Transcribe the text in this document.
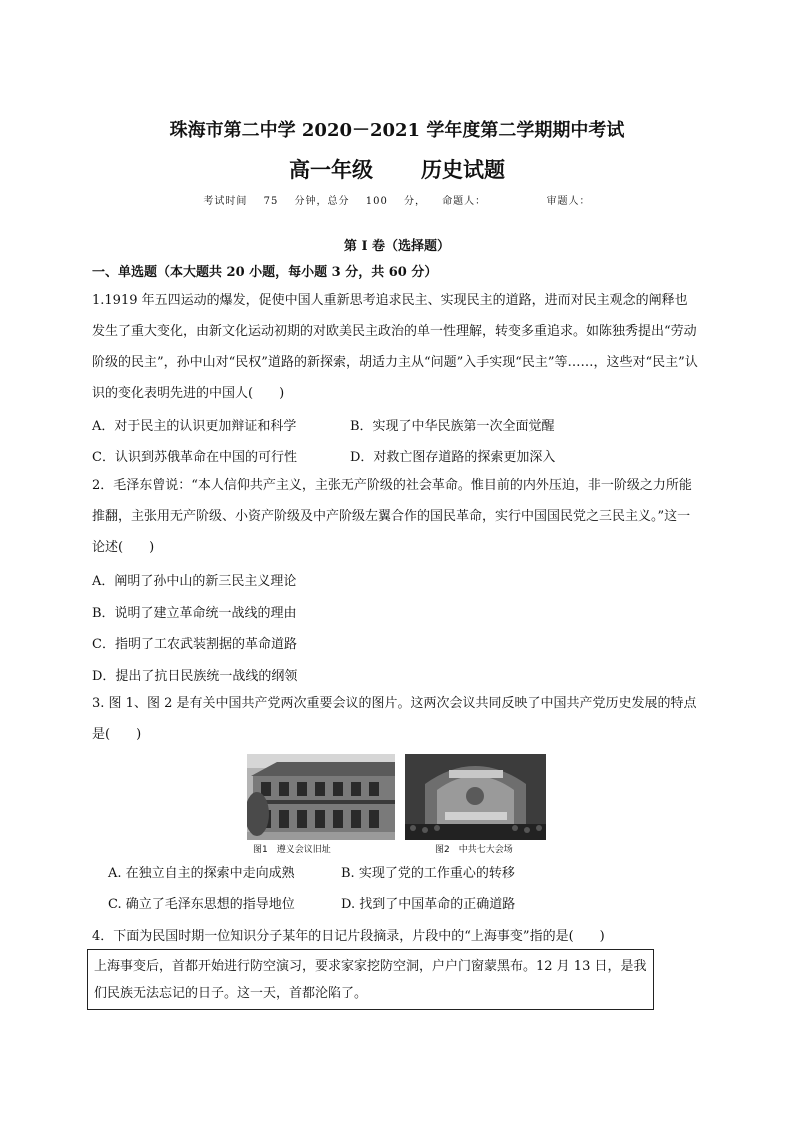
珠海市第二中学 2020－2021 学年度第二学期期中考试
高一年级 历史试题
考试时间 75 分钟，总分 100 分， 命题人：	审题人：
第 I 卷（选择题）
一、单选题（本大题共 20 小题，每小题 3 分，共 60 分）
1.1919 年五四运动的爆发，促使中国人重新思考追求民主、实现民主的道路，进而对民主观念的阐释也发生了重大变化，由新文化运动初期的对欧美民主政治的单一性理解，转变多重追求。如陈独秀提出“劳动阶级的民主”，孙中山对“民权”道路的新探索，胡适力主从“问题”入手实现“民主”等……，这些对“民主”认识的变化表明先进的中国人(　　)
A．对于民主的认识更加辩证和科学	B．实现了中华民族第一次全面觉醒
C．认识到苏俄革命在中国的可行性	D．对救亡图存道路的探索更加深入
2．毛泽东曾说：“本人信仰共产主义，主张无产阶级的社会革命。惟目前的内外压迫，非一阶级之力所能推翻，主张用无产阶级、小资产阶级及中产阶级左翼合作的国民革命，实行中国国民党之三民主义。”这一论述(　　)
A．阐明了孙中山的新三民主义理论
B．说明了建立革命统一战线的理由
C．指明了工农武装割据的革命道路
D．提出了抗日民族统一战线的纲领
3. 图 1、图 2 是有关中国共产党两次重要会议的图片。这两次会议共同反映了中国共产党历史发展的特点是(　　)
图1　遵义会议旧址	图2　中共七大会场
A. 在独立自主的探索中走向成熟	B. 实现了党的工作重心的转移
C. 确立了毛泽东思想的指导地位	D. 找到了中国革命的正确道路
4．下面为民国时期一位知识分子某年的日记片段摘录，片段中的“上海事变”指的是(　　)
上海事变后，首都开始进行防空演习，要求家家挖防空洞，户户门窗蒙黑布。12 月 13 日，是我们民族无法忘记的日子。这一天，首都沦陷了。
